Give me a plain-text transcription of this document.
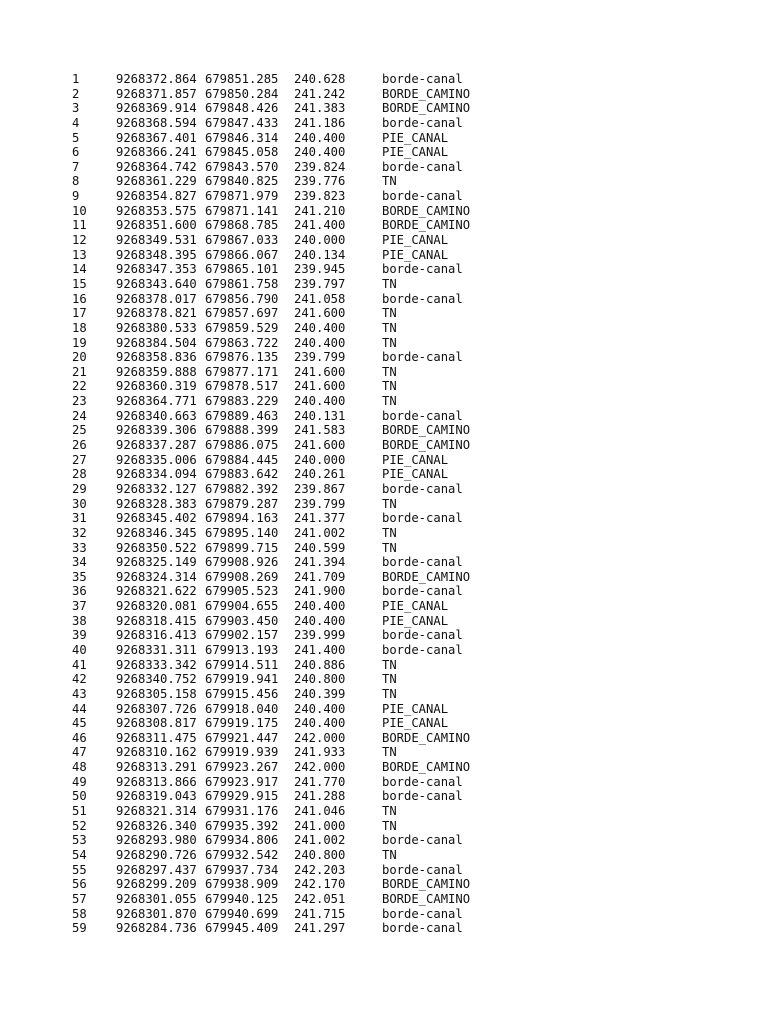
1	9268372.864 679851.285 240.628	borde-canal
2	9268371.857 679850.284 241.242	BORDE_CAMINO
3	9268369.914 679848.426 241.383	BORDE_CAMINO
4	9268368.594 679847.433 241.186	borde-canal
5	9268367.401 679846.314 240.400	PIE_CANAL
6	9268366.241 679845.058 240.400	PIE_CANAL
7	9268364.742 679843.570 239.824	borde-canal
8	9268361.229 679840.825 239.776	TN
9	9268354.827 679871.979 239.823	borde-canal
10 9268353.575 679871.141 241.210	BORDE_CAMINO
11 9268351.600 679868.785 241.400	BORDE_CAMINO
12 9268349.531 679867.033 240.000	PIE_CANAL
13 9268348.395 679866.067 240.134	PIE_CANAL
14 9268347.353 679865.101 239.945	borde-canal
15 9268343.640 679861.758 239.797	TN
16 9268378.017 679856.790 241.058	borde-canal
17 9268378.821 679857.697 241.600	TN
18 9268380.533 679859.529 240.400	TN
19 9268384.504 679863.722 240.400	TN
20 9268358.836 679876.135 239.799	borde-canal
21 9268359.888 679877.171 241.600	TN
22 9268360.319 679878.517 241.600	TN
23 9268364.771 679883.229 240.400	TN
24 9268340.663 679889.463 240.131	borde-canal
25 9268339.306 679888.399 241.583	BORDE_CAMINO
26 9268337.287 679886.075 241.600	BORDE_CAMINO
27 9268335.006 679884.445 240.000	PIE_CANAL
28 9268334.094 679883.642 240.261	PIE_CANAL
29 9268332.127 679882.392 239.867	borde-canal
30 9268328.383 679879.287 239.799	TN
31 9268345.402 679894.163 241.377	borde-canal
32 9268346.345 679895.140 241.002	TN
33 9268350.522 679899.715 240.599	TN
34 9268325.149 679908.926 241.394	borde-canal
35 9268324.314 679908.269 241.709	BORDE_CAMINO
36 9268321.622 679905.523 241.900	borde-canal
37 9268320.081 679904.655 240.400	PIE_CANAL
38 9268318.415 679903.450 240.400	PIE_CANAL
39 9268316.413 679902.157 239.999	borde-canal
40 9268331.311 679913.193 241.400	borde-canal
41 9268333.342 679914.511 240.886	TN
42 9268340.752 679919.941 240.800	TN
43 9268305.158 679915.456 240.399	TN
44 9268307.726 679918.040 240.400	PIE_CANAL
45 9268308.817 679919.175 240.400	PIE_CANAL
46 9268311.475 679921.447 242.000	BORDE_CAMINO
47 9268310.162 679919.939 241.933	TN
48 9268313.291 679923.267 242.000	BORDE_CAMINO
49 9268313.866 679923.917 241.770	borde-canal
50 9268319.043 679929.915 241.288	borde-canal
51 9268321.314 679931.176 241.046	TN
52 9268326.340 679935.392 241.000	TN
53 9268293.980 679934.806 241.002	borde-canal
54 9268290.726 679932.542 240.800	TN
55 9268297.437 679937.734 242.203	borde-canal
56 9268299.209 679938.909 242.170	BORDE_CAMINO
57 9268301.055 679940.125 242.051	BORDE_CAMINO
58 9268301.870 679940.699 241.715	borde-canal
59 9268284.736 679945.409 241.297	borde-canal
